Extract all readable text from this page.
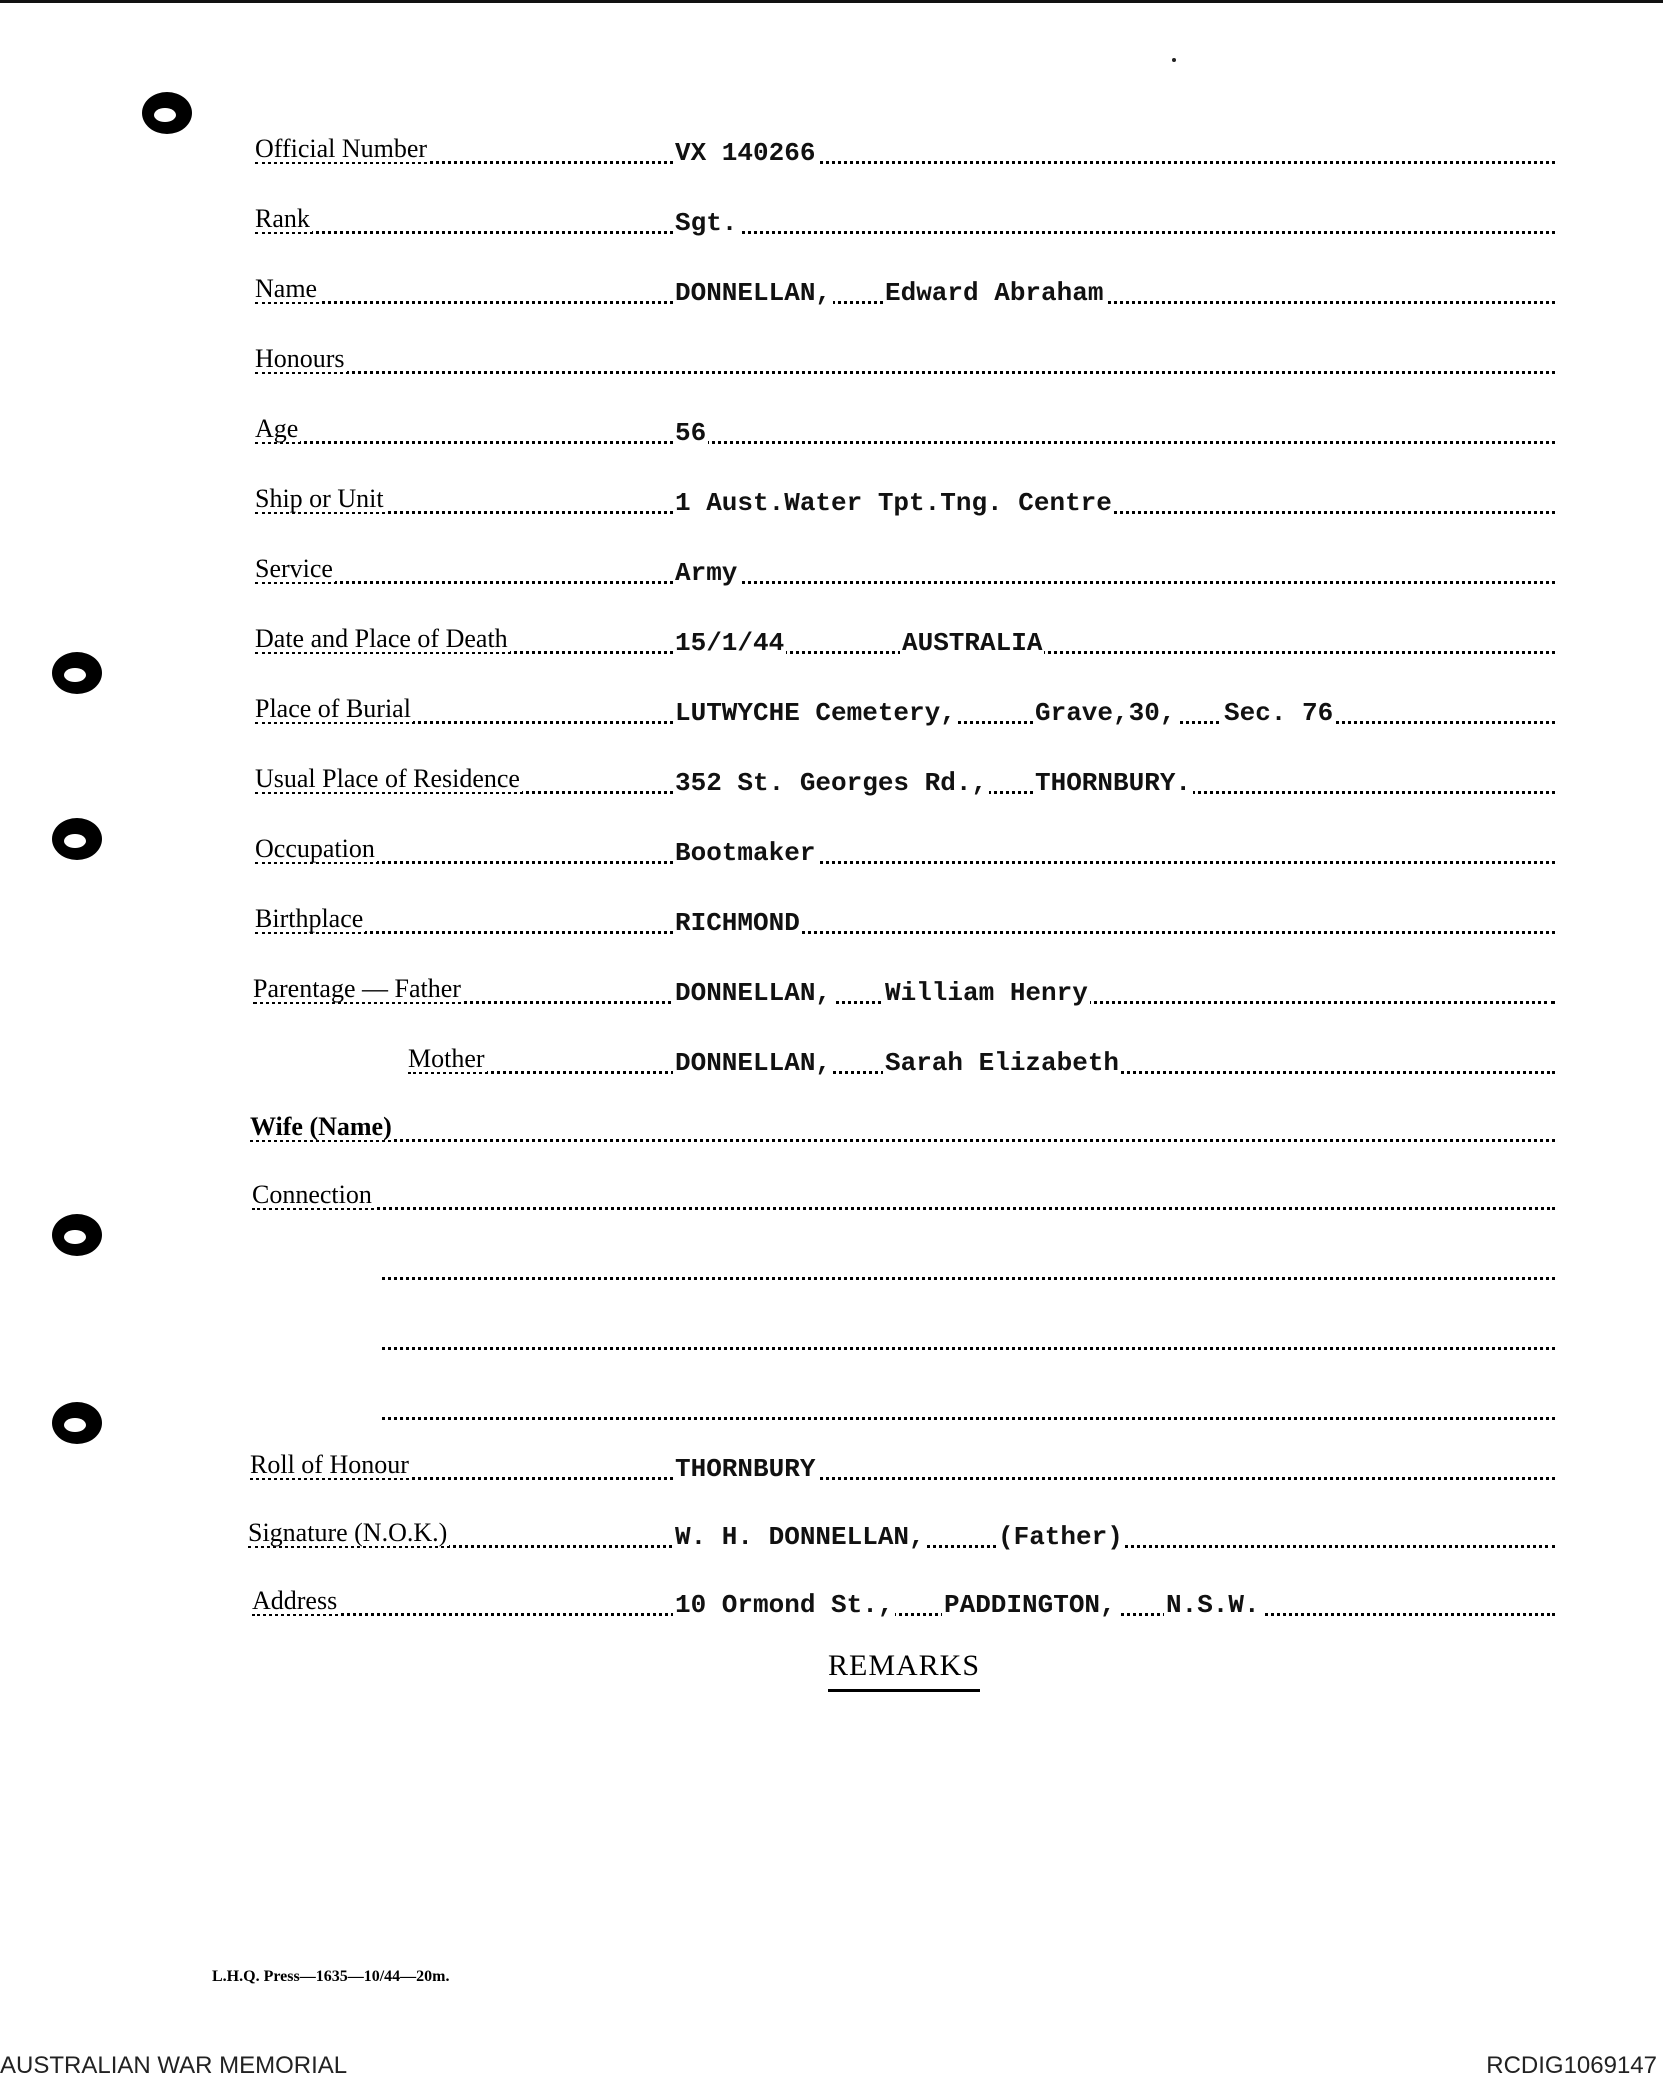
Official Number	VX 140266
Rank	Sgt.
Name	DONNELLAN, Edward Abraham
Honours
Age	56
Ship or Unit	1 Aust.Water Tpt.Tng. Centre
Service	Army
Date and Place of Death	15/1/44	AUSTRALIA
Place of Burial	LUTWYCHE Cemetery,	Grave,30, Sec. 76
Usual Place of Residence	352 St. Georges Rd., THORNBURY.
Occupation	Bootmaker
Birthplace	RICHMOND
Parentage — Father	DONNELLAN, William Henry
Mother	DONNELLAN, Sarah Elizabeth
Wife (Name)
Connection
Roll of Honour	THORNBURY
Signature (N.O.K.)	W. H. DONNELLAN,	(Father)
Address	10 Ormond St., PADDINGTON, N.S.W.
REMARKS
L.H.Q. Press—1635—10/44—20m.
AUSTRALIAN WAR MEMORIAL	RCDIG1069147
